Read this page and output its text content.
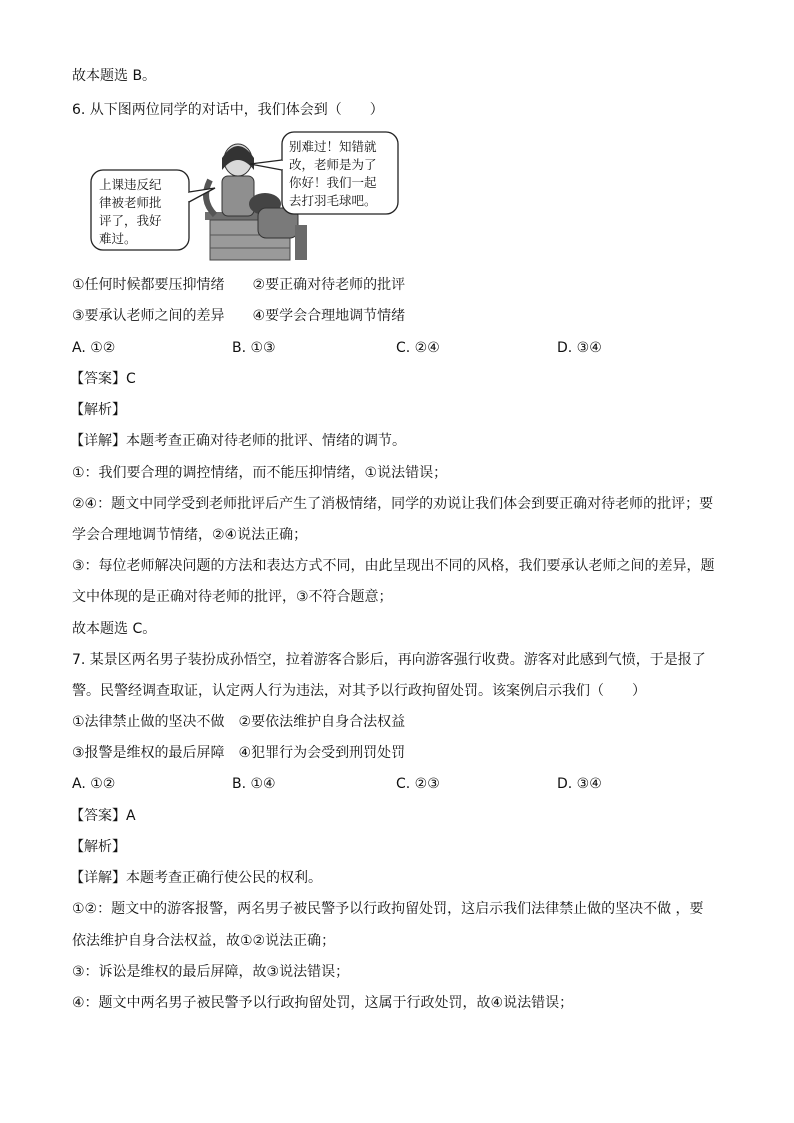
故本题选 B。
6. 从下图两位同学的对话中，我们体会到（　　）
上课违反纪
律被老师批
评了，我好
难过。
别难过！知错就
改，老师是为了
你好！我们一起
去打羽毛球吧。
①任何时候都要压抑情绪　　②要正确对待老师的批评
③要承认老师之间的差异　　④要学会合理地调节情绪
A. ①②	B. ①③	C. ②④	D. ③④
【答案】C
【解析】
【详解】本题考查正确对待老师的批评、情绪的调节。
①：我们要合理的调控情绪，而不能压抑情绪，①说法错误；
②④：题文中同学受到老师批评后产生了消极情绪，同学的劝说让我们体会到要正确对待老师的批评；要
学会合理地调节情绪，②④说法正确；
③：每位老师解决问题的方法和表达方式不同，由此呈现出不同的风格，我们要承认老师之间的差异，题
文中体现的是正确对待老师的批评，③不符合题意；
故本题选 C。
7. 某景区两名男子装扮成孙悟空，拉着游客合影后，再向游客强行收费。游客对此感到气愤，于是报了
警。民警经调查取证，认定两人行为违法，对其予以行政拘留处罚。该案例启示我们（　　）
①法律禁止做的坚决不做　②要依法维护自身合法权益
③报警是维权的最后屏障　④犯罪行为会受到刑罚处罚
A. ①②	B. ①④	C. ②③	D. ③④
【答案】A
【解析】
【详解】本题考查正确行使公民的权利。
①②：题文中的游客报警，两名男子被民警予以行政拘留处罚，这启示我们法律禁止做的坚决不做 ，要
依法维护自身合法权益，故①②说法正确；
③：诉讼是维权的最后屏障，故③说法错误；
④：题文中两名男子被民警予以行政拘留处罚，这属于行政处罚，故④说法错误；
